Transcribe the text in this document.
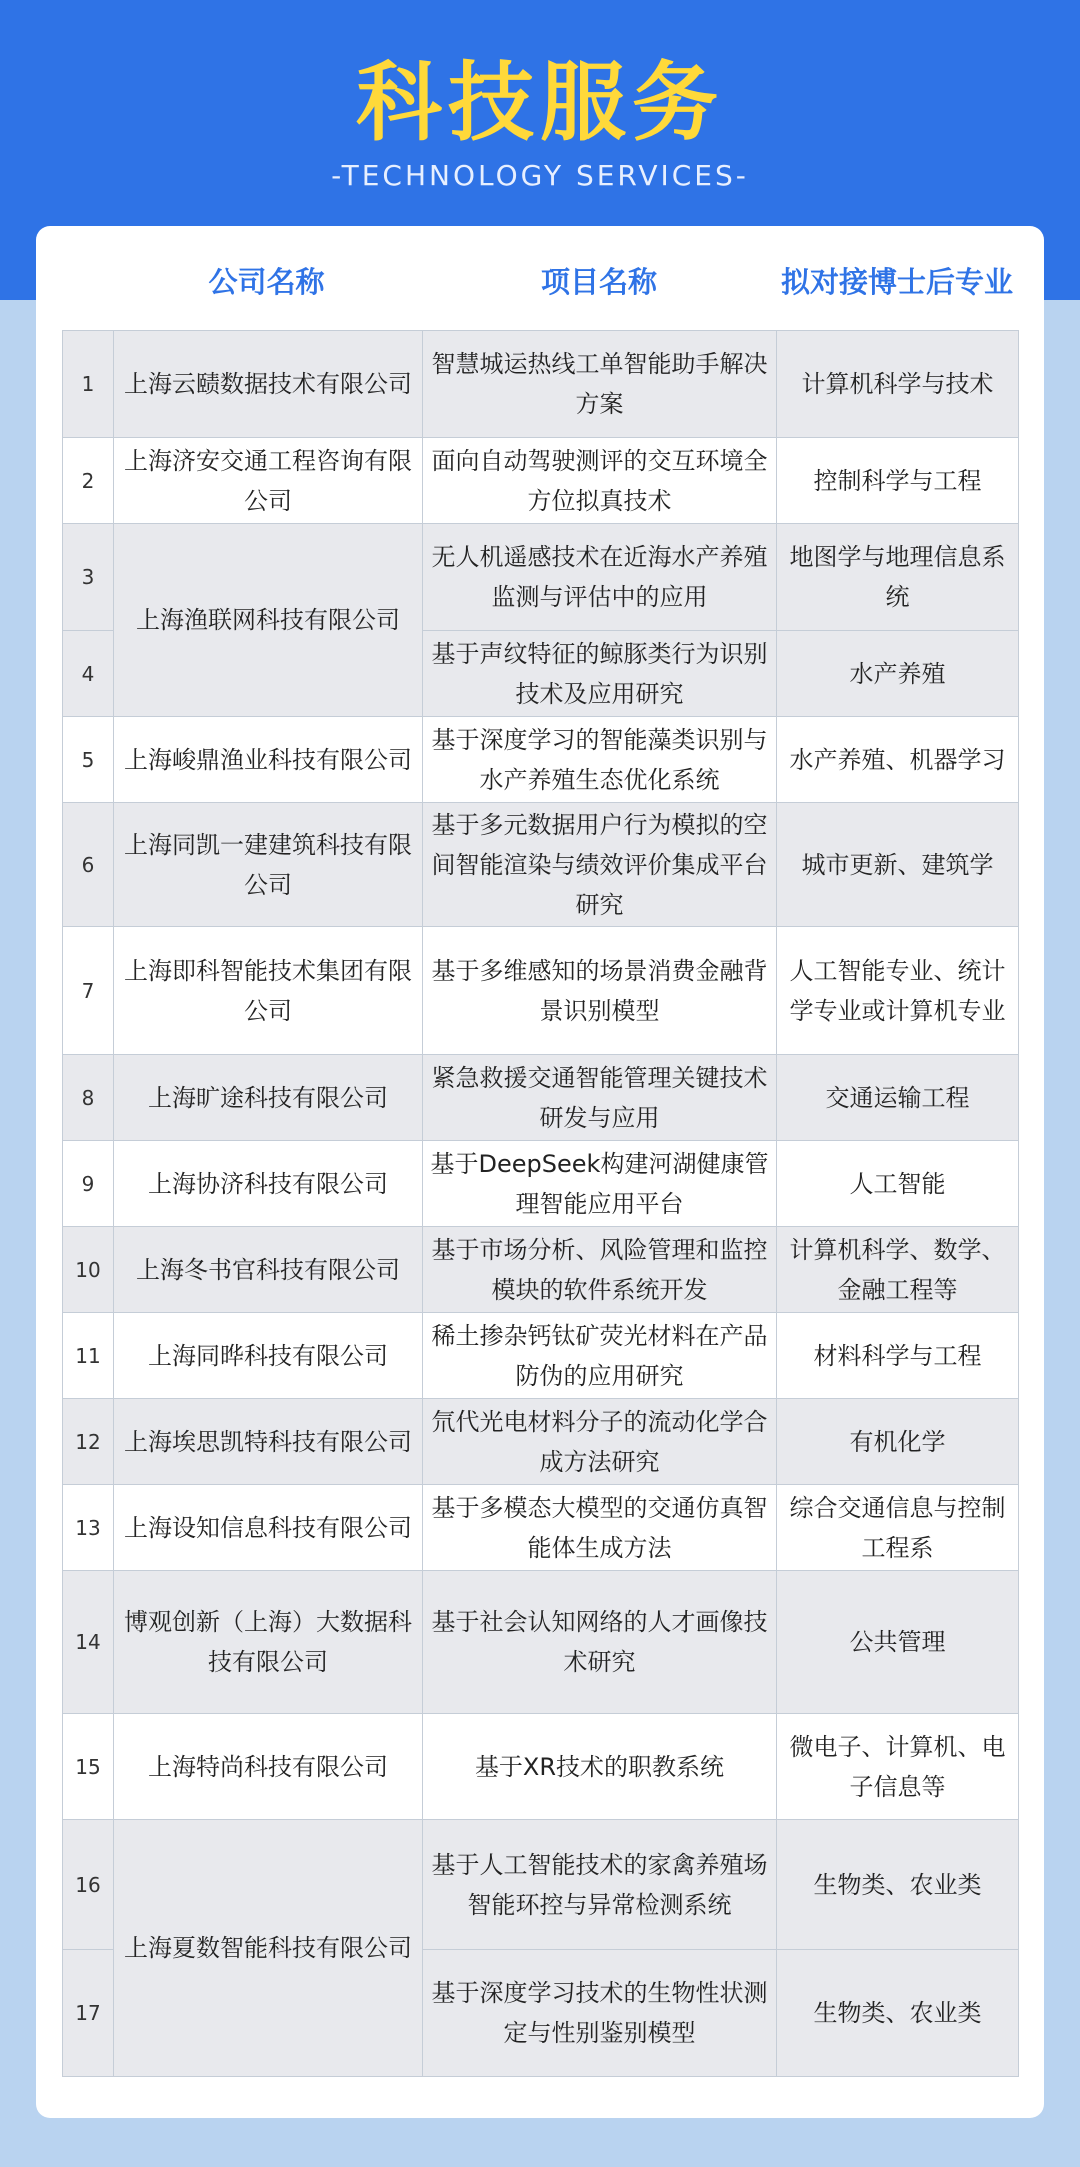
科技服务
-TECHNOLOGY SERVICES-
公司名称	项目名称	拟对接博士后专业
1	上海云赜数据技术有限公司	智慧城运热线工单智能助手解决方案	计算机科学与技术
2	上海济安交通工程咨询有限公司	面向自动驾驶测评的交互环境全方位拟真技术	控制科学与工程
3	上海渔联网科技有限公司	无人机遥感技术在近海水产养殖监测与评估中的应用	地图学与地理信息系统
4		基于声纹特征的鲸豚类行为识别技术及应用研究	水产养殖
5	上海峻鼎渔业科技有限公司	基于深度学习的智能藻类识别与水产养殖生态优化系统	水产养殖、机器学习
6	上海同凯一建建筑科技有限公司	基于多元数据用户行为模拟的空间智能渲染与绩效评价集成平台研究	城市更新、建筑学
7	上海即科智能技术集团有限公司	基于多维感知的场景消费金融背景识别模型	人工智能专业、统计学专业或计算机专业
8	上海旷途科技有限公司	紧急救援交通智能管理关键技术研发与应用	交通运输工程
9	上海协济科技有限公司	基于DeepSeek构建河湖健康管理智能应用平台	人工智能
10	上海冬书官科技有限公司	基于市场分析、风险管理和监控模块的软件系统开发	计算机科学、数学、金融工程等
11	上海同晔科技有限公司	稀土掺杂钙钛矿荧光材料在产品防伪的应用研究	材料科学与工程
12	上海埃思凯特科技有限公司	氘代光电材料分子的流动化学合成方法研究	有机化学
13	上海设知信息科技有限公司	基于多模态大模型的交通仿真智能体生成方法	综合交通信息与控制工程系
14	博观创新（上海）大数据科技有限公司	基于社会认知网络的人才画像技术研究	公共管理
15	上海特尚科技有限公司	基于XR技术的职教系统	微电子、计算机、电子信息等
16	上海夏数智能科技有限公司	基于人工智能技术的家禽养殖场智能环控与异常检测系统	生物类、农业类
17		基于深度学习技术的生物性状测定与性别鉴别模型	生物类、农业类
